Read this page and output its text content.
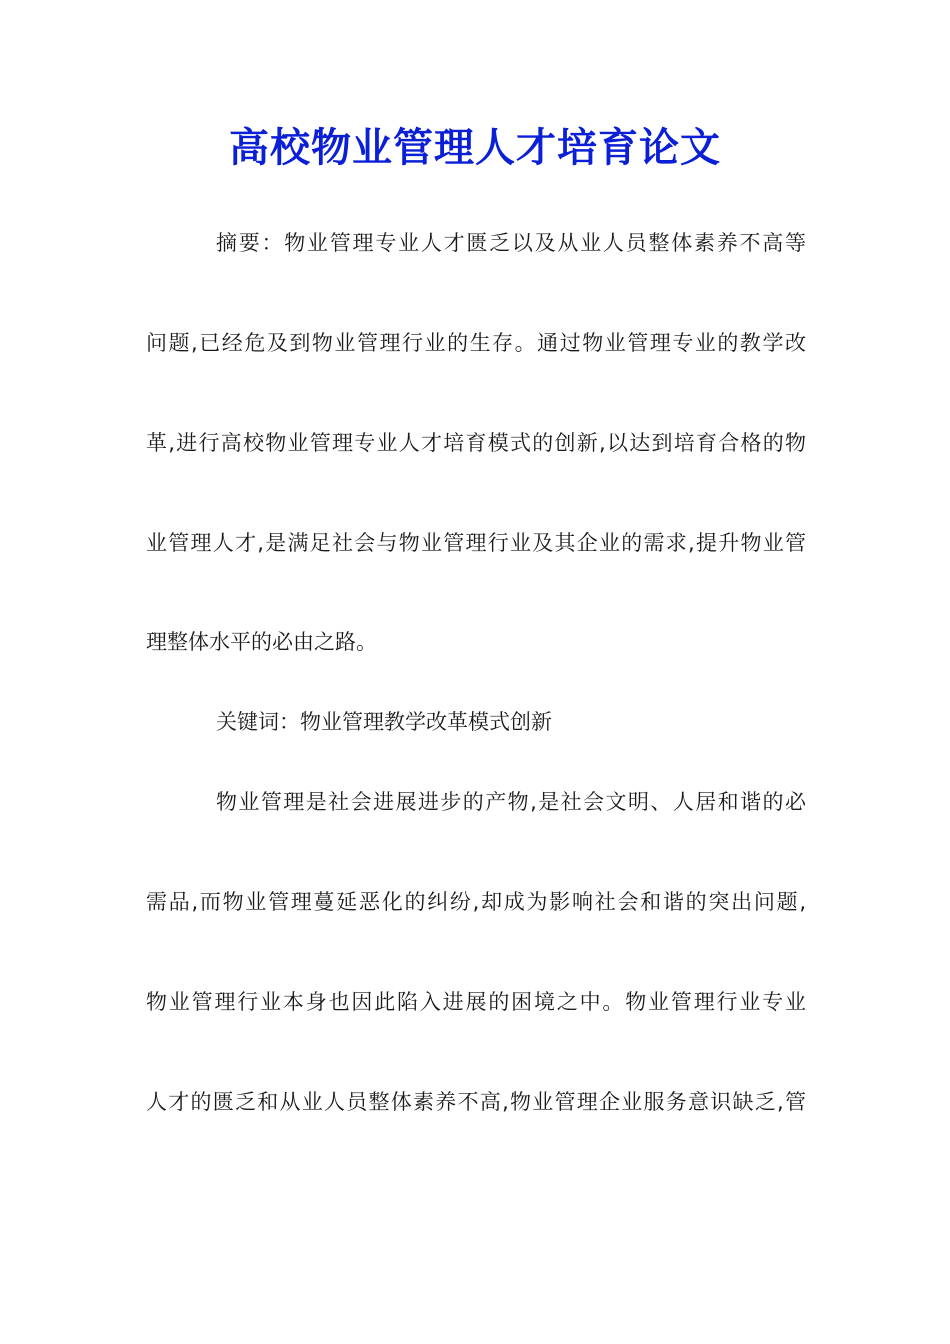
高校物业管理人才培育论文
摘要：物业管理专业人才匮乏以及从业人员整体素养不高等
问题,已经危及到物业管理行业的生存。通过物业管理专业的教学改
革,进行高校物业管理专业人才培育模式的创新,以达到培育合格的物
业管理人才,是满足社会与物业管理行业及其企业的需求,提升物业管
理整体水平的必由之路。
关键词：物业管理教学改革模式创新
物业管理是社会进展进步的产物,是社会文明、人居和谐的必
需品,而物业管理蔓延恶化的纠纷,却成为影响社会和谐的突出问题,
物业管理行业本身也因此陷入进展的困境之中。物业管理行业专业
人才的匮乏和从业人员整体素养不高,物业管理企业服务意识缺乏,管
